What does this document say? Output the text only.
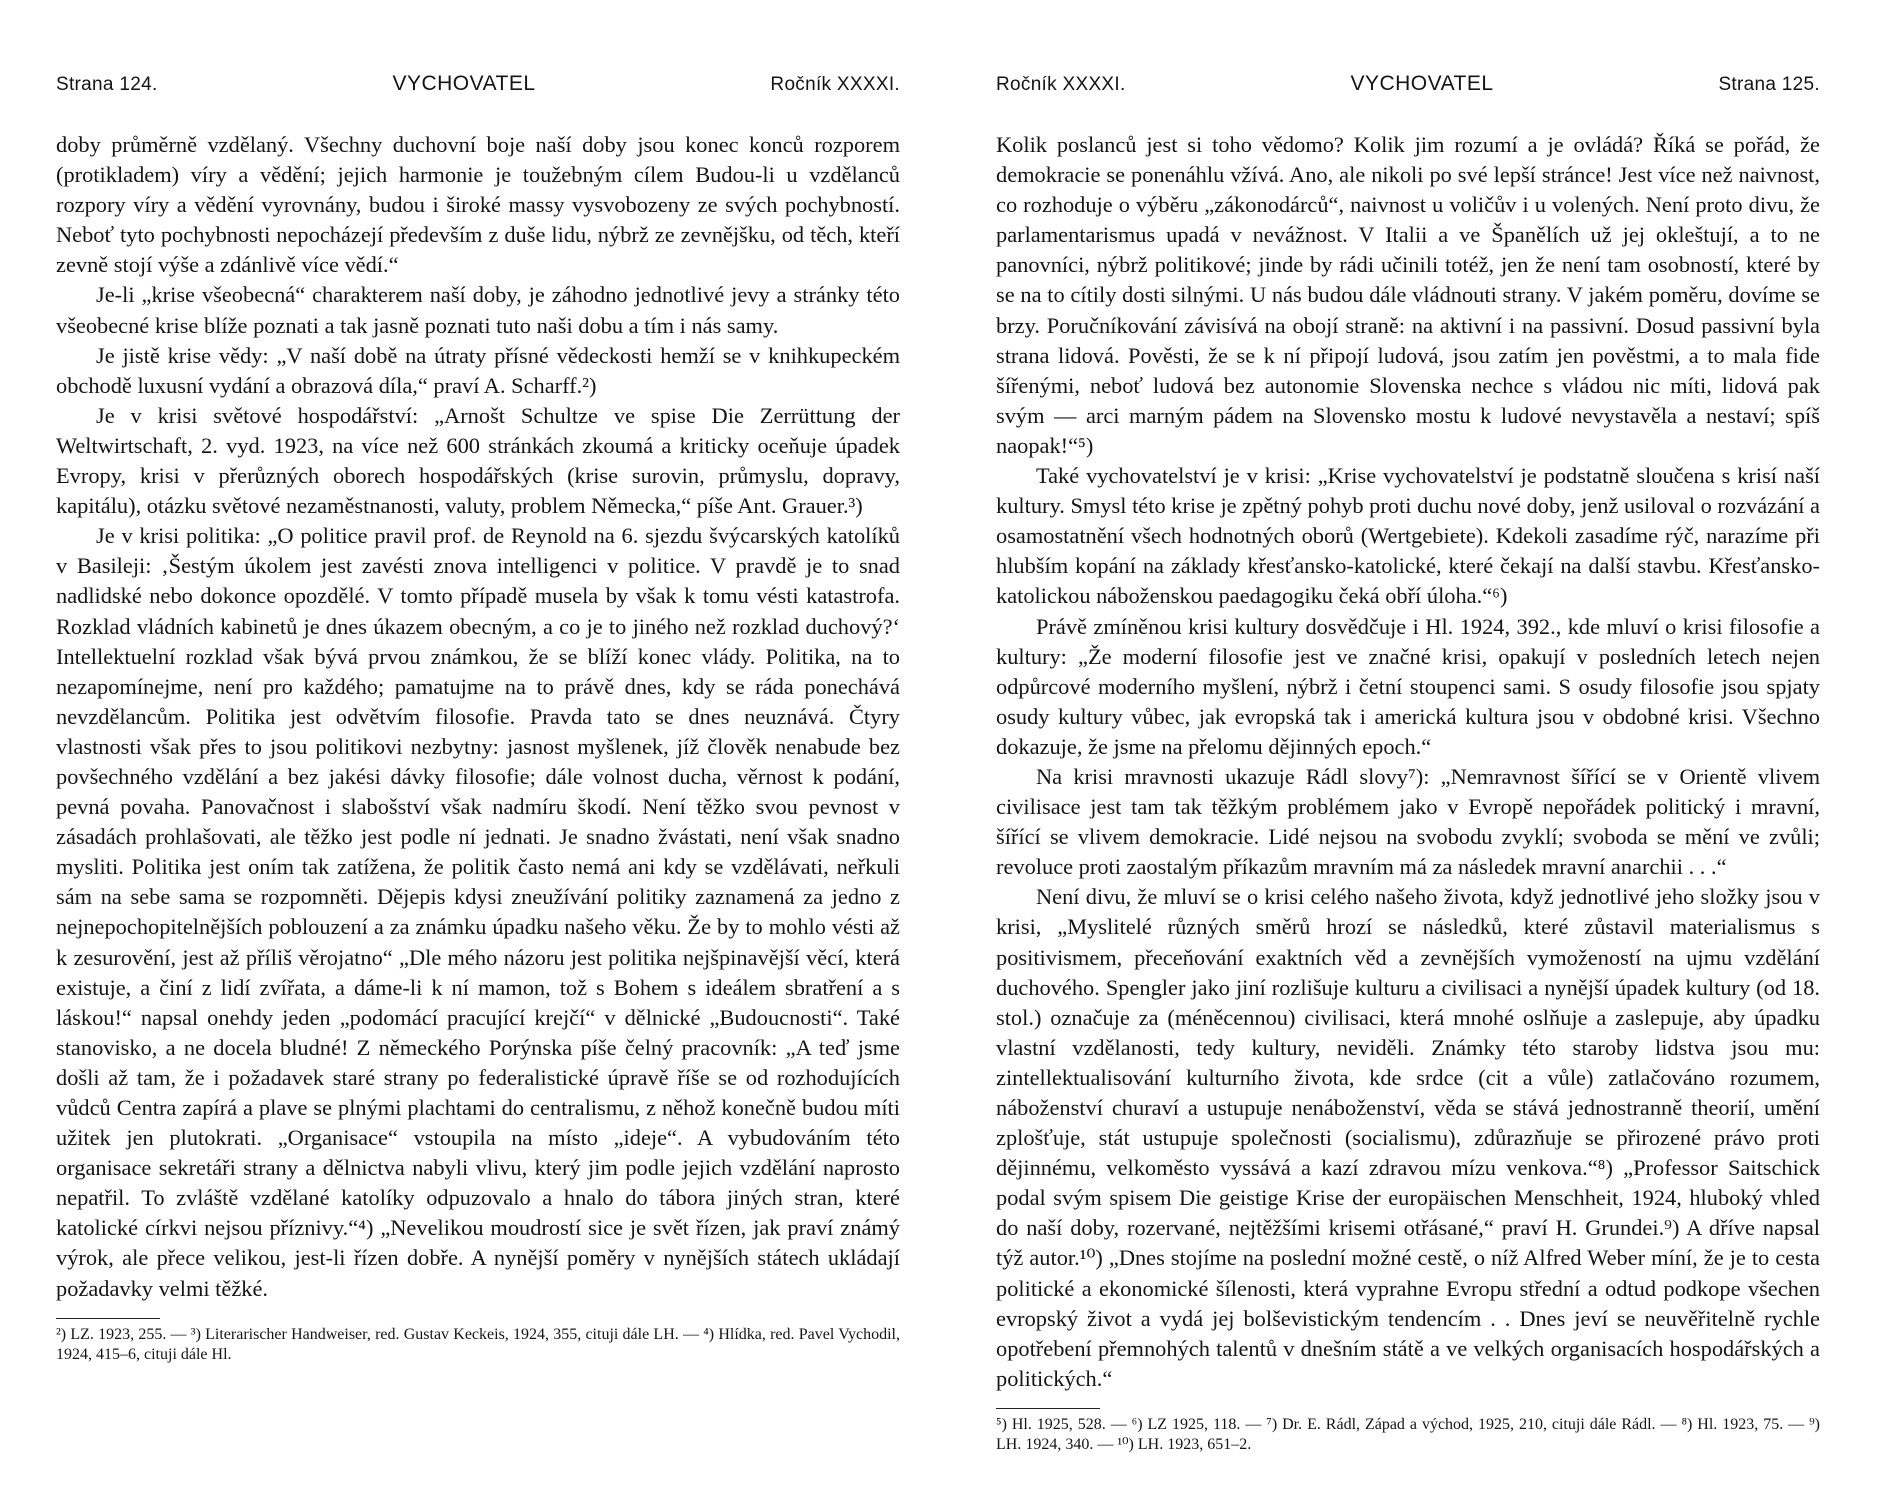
Strana 124.	VYCHOVATEL	Ročník XXXXI.

doby průměrně vzdělaný. Všechny duchovní boje naší doby jsou konec konců rozporem (protikladem) víry a vědění; jejich harmonie je toužebným cílem Budou-li u vzdělanců rozpory víry a vědění vyrovnány, budou i široké massy vysvobozeny ze svých pochybností. Neboť tyto pochybnosti nepocházejí především z duše lidu, nýbrž ze zevnějšku, od těch, kteří zevně stojí výše a zdánlivě více vědí.“

Je-li „krise všeobecná“ charakterem naší doby, je záhodno jednotlivé jevy a stránky této všeobecné krise blíže poznati a tak jasně poznati tuto naši dobu a tím i nás samy.

Je jistě krise vědy: „V naší době na útraty přísné vědeckosti hemží se v knihkupeckém obchodě luxusní vydání a obrazová díla,“ praví A. Scharff.²)

Je v krisi světové hospodářství: „Arnošt Schultze ve spise Die Zerrüttung der Weltwirtschaft, 2. vyd. 1923, na více než 600 stránkách zkoumá a kriticky oceňuje úpadek Evropy, krisi v přerůzných oborech hospodářských (krise surovin, průmyslu, dopravy, kapitálu), otázku světové nezaměstnanosti, valuty, problem Německa,“ píše Ant. Grauer.³)

Je v krisi politika: „O politice pravil prof. de Reynold na 6. sjezdu švýcarských katolíků v Basileji: ‚Šestým úkolem jest zavésti znova intelligenci v politice. V pravdě je to snad nadlidské nebo dokonce opozdělé. V tomto případě musela by však k tomu vésti katastrofa. Rozklad vládních kabinetů je dnes úkazem obecným, a co je to jiného než rozklad duchový?‘ Intellektuelní rozklad však bývá prvou známkou, že se blíží konec vlády. Politika, na to nezapomínejme, není pro každého; pamatujme na to právě dnes, kdy se ráda ponechává nevzdělancům. Politika jest odvětvím filosofie. Pravda tato se dnes neuznává. Čtyry vlastnosti však přes to jsou politikovi nezbytny: jasnost myšlenek, jíž člověk nenabude bez povšechného vzdělání a bez jakési dávky filosofie; dále volnost ducha, věrnost k podání, pevná povaha. Panovačnost i slabošství však nadmíru škodí. Není těžko svou pevnost v zásadách prohlašovati, ale těžko jest podle ní jednati. Je snadno žvástati, není však snadno mysliti. Politika jest oním tak zatížena, že politik často nemá ani kdy se vzdělávati, neřkuli sám na sebe sama se rozpomněti. Dějepis kdysi zneužívání politiky zaznamená za jedno z nejnepochopitelnějších poblouzení a za známku úpadku našeho věku. Že by to mohlo vésti až k zesurovění, jest až příliš věrojatno“ „Dle mého názoru jest politika nejšpinavější věcí, která existuje, a činí z lidí zvířata, a dáme-li k ní mamon, tož s Bohem s ideálem sbratření a s láskou!“ napsal onehdy jeden „podomácí pracující krejčí“ v dělnické „Budoucnosti“. Také stanovisko, a ne docela bludné! Z německého Porýnska píše čelný pracovník: „A teď jsme došli až tam, že i požadavek staré strany po federalistické úpravě říše se od rozhodujících vůdců Centra zapírá a plave se plnými plachtami do centralismu, z něhož konečně budou míti užitek jen plutokrati. „Organisace“ vstoupila na místo „ideje“. A vybudováním této organisace sekretáři strany a dělnictva nabyli vlivu, který jim podle jejich vzdělání naprosto nepatřil. To zvláště vzdělané katolíky odpuzovalo a hnalo do tábora jiných stran, které katolické církvi nejsou příznivy.“⁴) „Nevelikou moudrostí sice je svět řízen, jak praví známý výrok, ale přece velikou, jest-li řízen dobře. A nynější poměry v nynějších státech ukládají požadavky velmi těžké.

²) LZ. 1923, 255. — ³) Literarischer Handweiser, red. Gustav Keckeis, 1924, 355, cituji dále LH. — ⁴) Hlídka, red. Pavel Vychodil, 1924, 415–6, cituji dále Hl.
Ročník XXXXI.	VYCHOVATEL	Strana 125.

Kolik poslanců jest si toho vědomo? Kolik jim rozumí a je ovládá? Říká se pořád, že demokracie se ponenáhlu vžívá. Ano, ale nikoli po své lepší stránce! Jest více než naivnost, co rozhoduje o výběru „zákonodárců“, naivnost u voličův i u volených. Není proto divu, že parlamentarismus upadá v nevážnost. V Italii a ve Španělích už jej okleštují, a to ne panovníci, nýbrž politikové; jinde by rádi učinili totéž, jen že není tam osobností, které by se na to cítily dosti silnými. U nás budou dále vládnouti strany. V jakém poměru, dovíme se brzy. Poručníkování závisívá na obojí straně: na aktivní i na passivní. Dosud passivní byla strana lidová. Pověsti, že se k ní připojí ludová, jsou zatím jen pověstmi, a to mala fide šířenými, neboť ludová bez autonomie Slovenska nechce s vládou nic míti, lidová pak svým — arci marným pádem na Slovensko mostu k ludové nevystavěla a nestaví; spíš naopak!“⁵)

Také vychovatelství je v krisi: „Krise vychovatelství je podstatně sloučena s krisí naší kultury. Smysl této krise je zpětný pohyb proti duchu nové doby, jenž usiloval o rozvázání a osamostatnění všech hodnotných oborů (Wertgebiete). Kdekoli zasadíme rýč, narazíme při hlubším kopání na základy křesťansko-katolické, které čekají na další stavbu. Křesťansko-katolickou náboženskou paedagogiku čeká obří úloha.“⁶)

Právě zmíněnou krisi kultury dosvědčuje i Hl. 1924, 392., kde mluví o krisi filosofie a kultury: „Že moderní filosofie jest ve značné krisi, opakují v posledních letech nejen odpůrcové moderního myšlení, nýbrž i četní stoupenci sami. S osudy filosofie jsou spjaty osudy kultury vůbec, jak evropská tak i americká kultura jsou v obdobné krisi. Všechno dokazuje, že jsme na přelomu dějinných epoch.“

Na krisi mravnosti ukazuje Rádl slovy⁷): „Nemravnost šířící se v Orientě vlivem civilisace jest tam tak těžkým problémem jako v Evropě nepořádek politický i mravní, šířící se vlivem demokracie. Lidé nejsou na svobodu zvyklí; svoboda se mění ve zvůli; revoluce proti zaostalým příkazům mravním má za následek mravní anarchii . . .“

Není divu, že mluví se o krisi celého našeho života, když jednotlivé jeho složky jsou v krisi, „Myslitelé různých směrů hrozí se následků, které zůstavil materialismus s positivismem, přeceňování exaktních věd a zevnějších vymožeností na ujmu vzdělání duchového. Spengler jako jiní rozlišuje kulturu a civilisaci a nynější úpadek kultury (od 18. stol.) označuje za (méněcennou) civilisaci, která mnohé oslňuje a zaslepuje, aby úpadku vlastní vzdělanosti, tedy kultury, neviděli. Známky této staroby lidstva jsou mu: zintellektualisování kulturního života, kde srdce (cit a vůle) zatlačováno rozumem, náboženství churaví a ustupuje nenáboženství, věda se stává jednostranně theorií, umění zplošťuje, stát ustupuje společnosti (socialismu), zdůrazňuje se přirozené právo proti dějinnému, velkoměsto vyssává a kazí zdravou mízu venkova.“⁸) „Professor Saitschick podal svým spisem Die geistige Krise der europäischen Menschheit, 1924, hluboký vhled do naší doby, rozervané, nejtěžšími krisemi otřásané,“ praví H. Grundei.⁹) A dříve napsal týž autor.¹⁰) „Dnes stojíme na poslední možné cestě, o níž Alfred Weber míní, že je to cesta politické a ekonomické šílenosti, která vyprahne Evropu střední a odtud podkope všechen evropský život a vydá jej bolševistickým tendencím . . Dnes jeví se neuvěřitelně rychle opotřebení přemnohých talentů v dnešním státě a ve velkých organisacích hospodářských a politických.“

⁵) Hl. 1925, 528. — ⁶) LZ 1925, 118. — ⁷) Dr. E. Rádl, Západ a východ, 1925, 210, cituji dále Rádl. — ⁸) Hl. 1923, 75. — ⁹) LH. 1924, 340. — ¹⁰) LH. 1923, 651–2.
